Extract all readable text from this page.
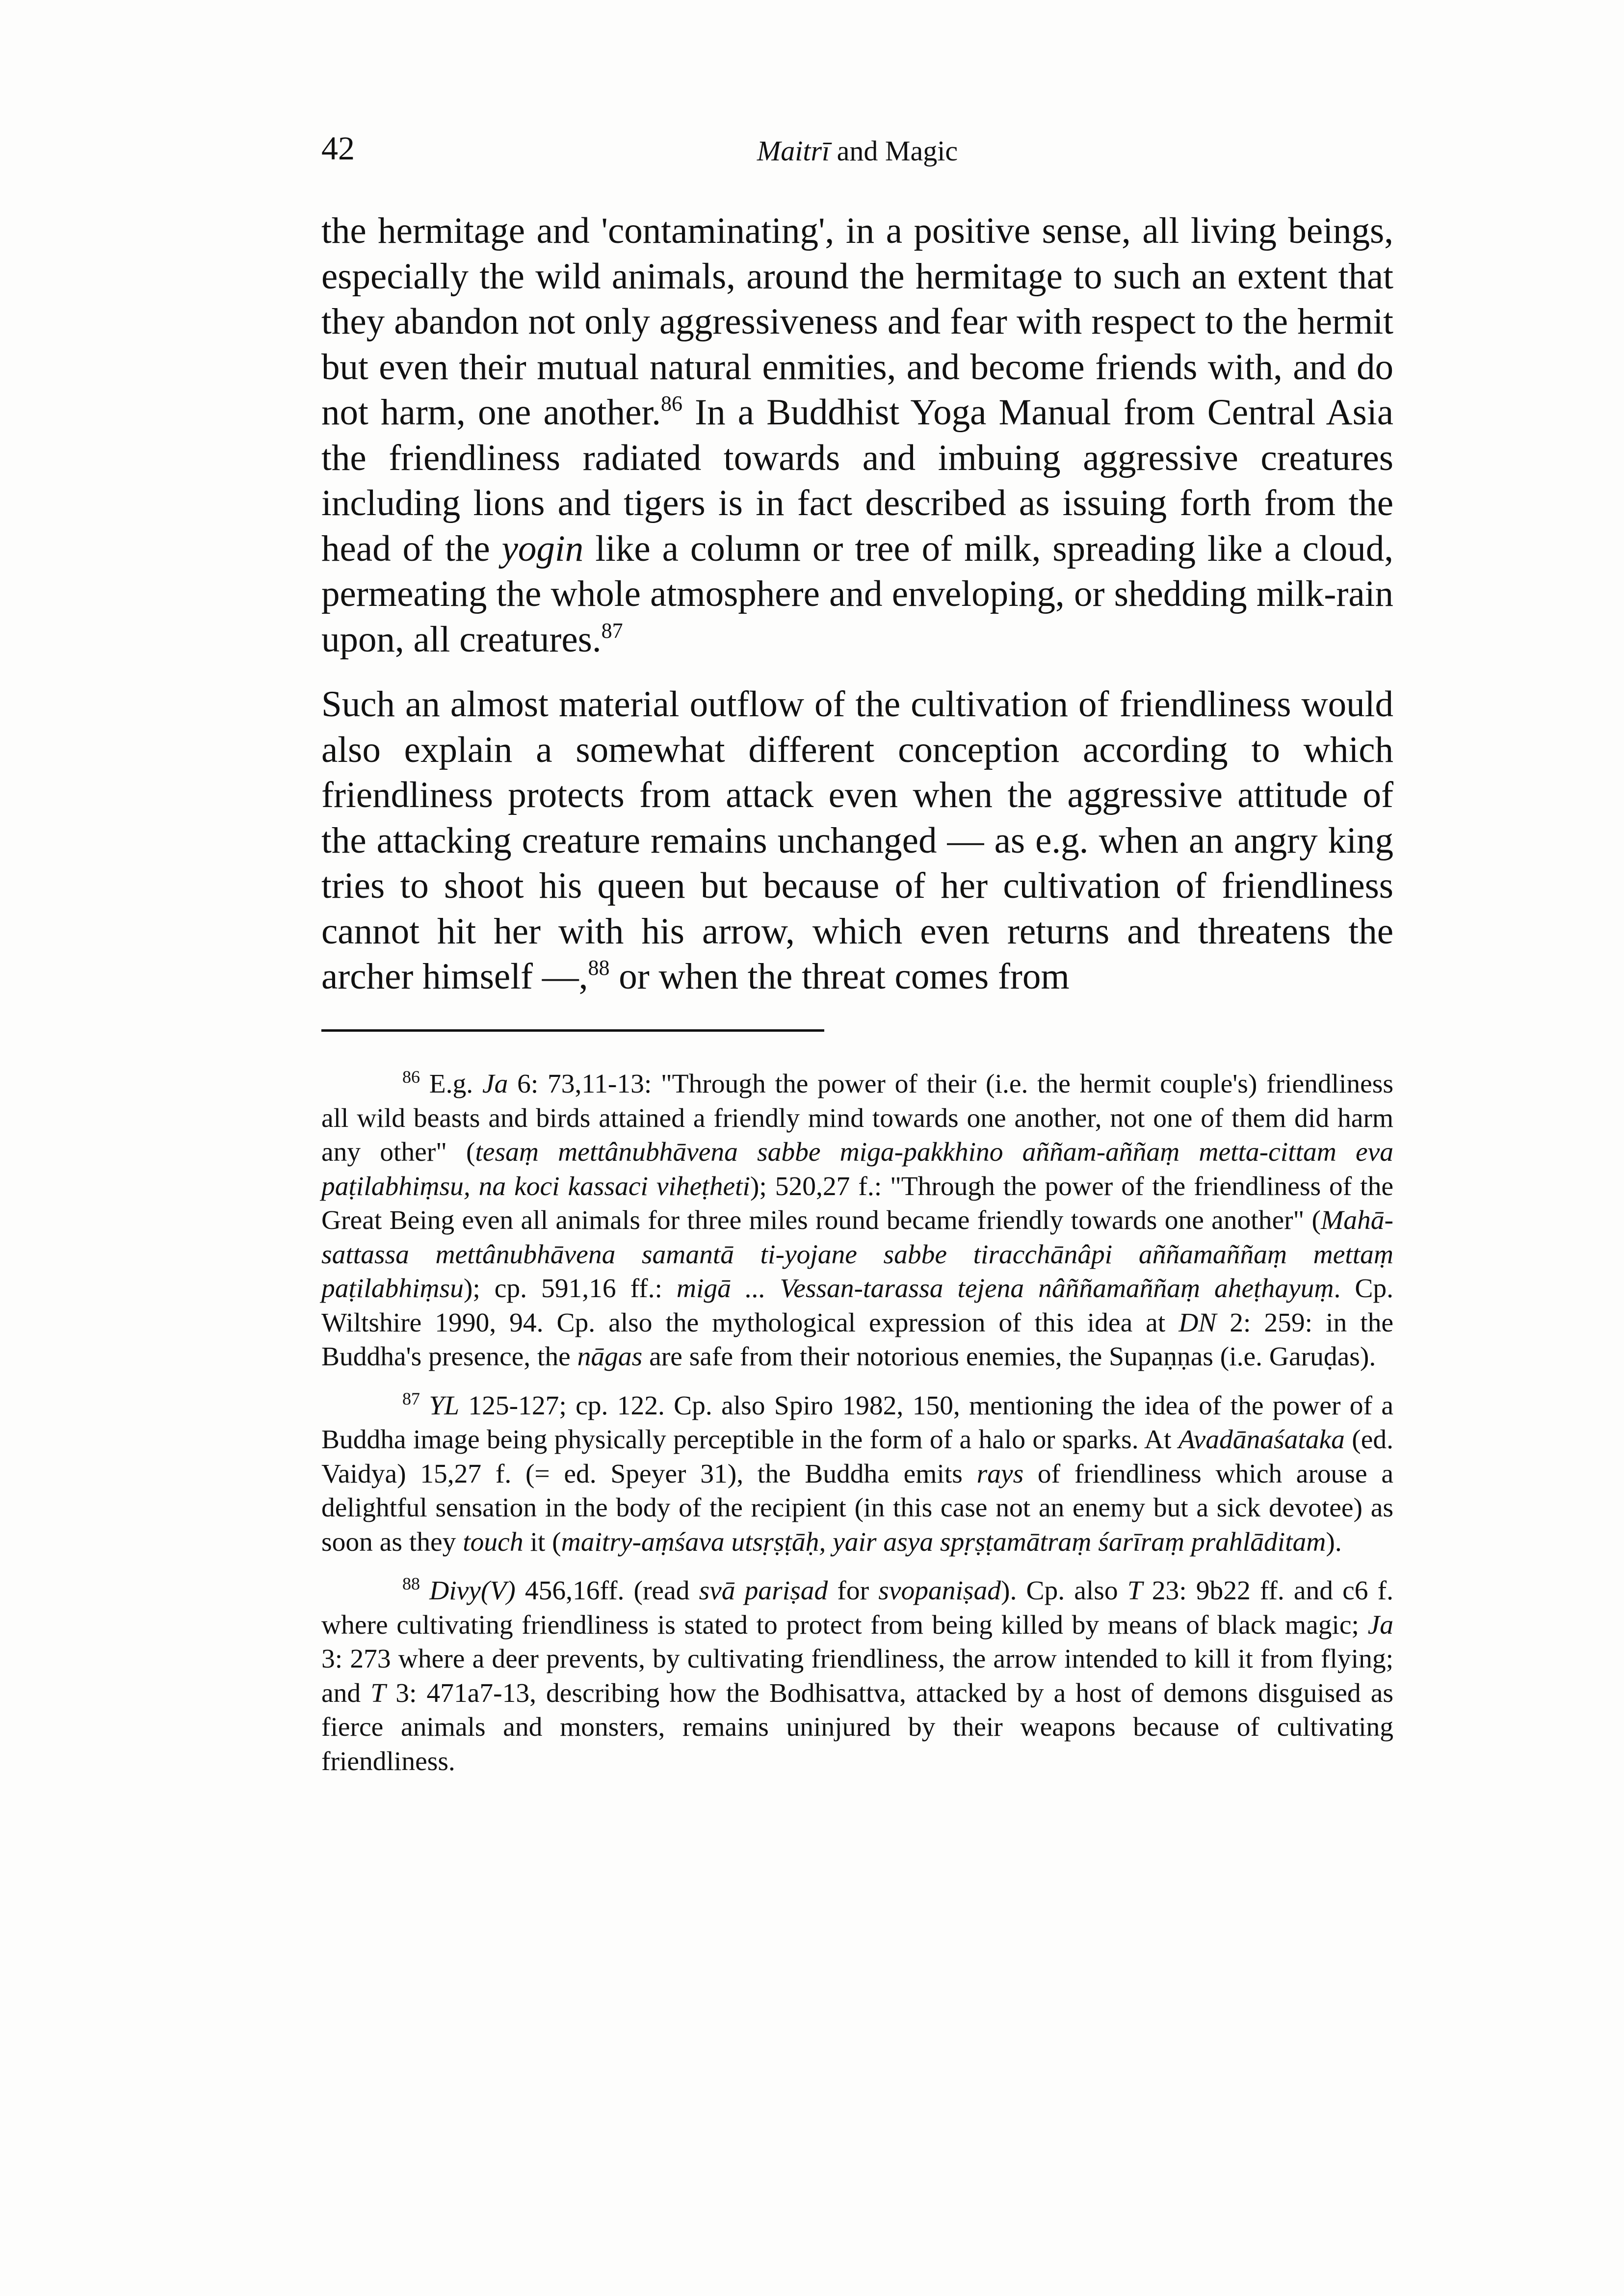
42	Maitrī and Magic

the hermitage and 'contaminating', in a positive sense, all living beings, especially the wild animals, around the hermitage to such an extent that they abandon not only aggressiveness and fear with respect to the hermit but even their mutual natural enmities, and become friends with, and do not harm, one another.$^{86}$ In a Buddhist Yoga Manual from Central Asia the friendliness radiated towards and imbuing aggressive creatures including lions and tigers is in fact described as issuing forth from the head of the yogin like a column or tree of milk, spreading like a cloud, permeating the whole atmosphere and enveloping, or shedding milk-rain upon, all creatures.$^{87}$

Such an almost material outflow of the cultivation of friendliness would also explain a somewhat different conception according to which friendliness protects from attack even when the aggressive attitude of the attacking creature remains unchanged — as e.g. when an angry king tries to shoot his queen but because of her cultivation of friendliness cannot hit her with his arrow, which even returns and threatens the archer himself —,$^{88}$ or when the threat comes from

$^{86}$ E.g. Ja 6: 73,11-13: "Through the power of their (i.e. the hermit couple's) friendliness all wild beasts and birds attained a friendly mind towards one another, not one of them did harm any other" (tesaṃ mettânubhāvena sabbe miga-pakkhino aññam-aññaṃ metta-cittam eva paṭilabhiṃsu, na koci kassaci viheṭheti); 520,27 f.: "Through the power of the friendliness of the Great Being even all animals for three miles round became friendly towards one another" (Mahā-sattassa mettânubhāvena samantā ti-yojane sabbe tiracchānâpi aññamaññaṃ mettaṃ paṭilabhiṃsu); cp. 591,16 ff.: migā ... Vessan-tarassa tejena nâññamaññaṃ aheṭhayuṃ. Cp. Wiltshire 1990, 94. Cp. also the mythological expression of this idea at DN 2: 259: in the Buddha's presence, the nāgas are safe from their notorious enemies, the Supaṇṇas (i.e. Garuḍas).

$^{87}$ YL 125-127; cp. 122. Cp. also Spiro 1982, 150, mentioning the idea of the power of a Buddha image being physically perceptible in the form of a halo or sparks. At Avadānaśataka (ed. Vaidya) 15,27 f. (= ed. Speyer 31), the Buddha emits rays of friendliness which arouse a delightful sensation in the body of the recipient (in this case not an enemy but a sick devotee) as soon as they touch it (maitry-aṃśava utsṛṣṭāḥ, yair asya spṛṣṭamātraṃ śarīraṃ prahlāditam).

$^{88}$ Divy(V) 456,16ff. (read svā pariṣad for svopaniṣad). Cp. also T 23: 9b22 ff. and c6 f. where cultivating friendliness is stated to protect from being killed by means of black magic; Ja 3: 273 where a deer prevents, by cultivating friendliness, the arrow intended to kill it from flying; and T 3: 471a7-13, describing how the Bodhisattva, attacked by a host of demons disguised as fierce animals and monsters, remains uninjured by their weapons because of cultivating friendliness.
